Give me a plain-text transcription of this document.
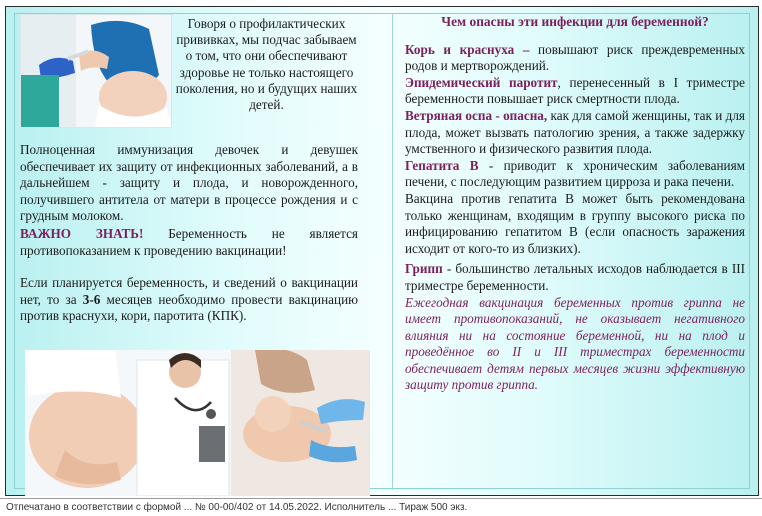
Говоря о профилактических прививках, мы подчас забываем о том, что они обеспечивают здоровье не только настоящего поколения, но и будущих наших детей.

Полноценная иммунизация девочек и девушек обеспечивает их защиту от инфекционных заболеваний, а в дальнейшем - защиту и плода, и новорожденного, получившего антитела от матери в процессе рождения и с грудным молоком.

ВАЖНО ЗНАТЬ! Беременность не является противопоказанием к проведению вакцинации!

Если планируется беременность, и сведений о вакцинации нет, то за 3-6 месяцев необходимо провести вакцинацию против краснухи, кори, паротита (КПК).

Чем опасны эти инфекции для беременной?

Корь и краснуха – повышают риск преждевременных родов и мертворождений.

Эпидемический паротит, перенесенный в I триместре беременности повышает риск смертности плода.

Ветряная оспа - опасна, как для самой женщины, так и для плода, может вызвать патологию зрения, а также задержку умственного и физического развития плода.

Гепатита В - приводит к хроническим заболеваниям печени, с последующим развитием цирроза и рака печени.

Вакцина против гепатита В может быть рекомендована только женщинам, входящим в группу высокого риска по инфицированию гепатитом В (если опасность заражения исходит от кого-то из близких).

Грипп - большинство летальных исходов наблюдается в III триместре беременности.

Ежегодная вакцинация беременных против гриппа не имеет противопоказаний, не оказывает негативного влияния ни на состояние беременной, ни на плод и проведённое во II и III триместрах беременности обеспечивает детям первых месяцев жизни эффективную защиту против гриппа.

Отпечатано в соответствии с формой ... № 00-00/402 от 14.05.2022. Исполнитель ... Тираж 500 экз.
